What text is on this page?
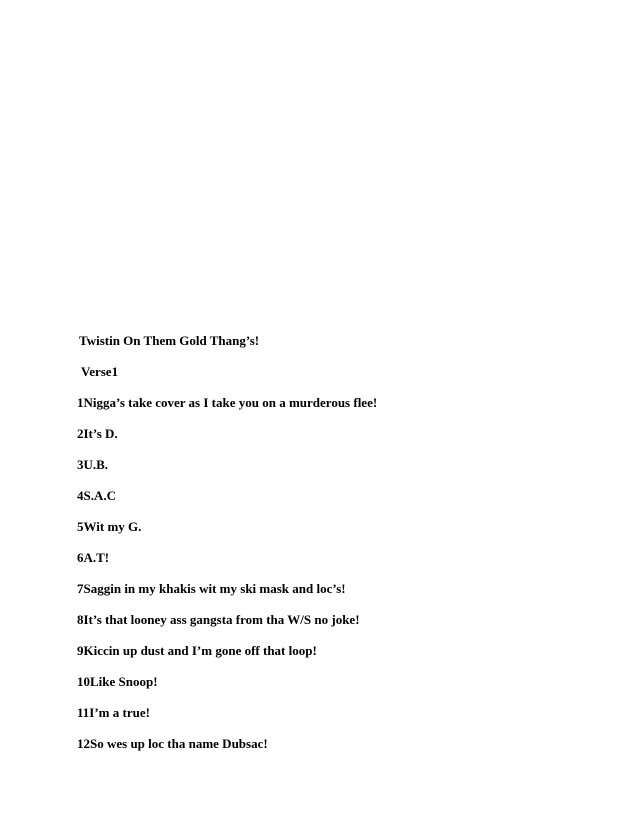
Twistin On Them Gold Thang’s!

Verse1

1Nigga’s take cover as I take you on a murderous flee!

2It’s D.

3U.B.

4S.A.C

5Wit my G.

6A.T!

7Saggin in my khakis wit my ski mask and loc’s!

8It’s that looney ass gangsta from tha W/S no joke!

9Kiccin up dust and I’m gone off that loop!

10Like Snoop!

11I’m a true!

12So wes up loc tha name Dubsac!
